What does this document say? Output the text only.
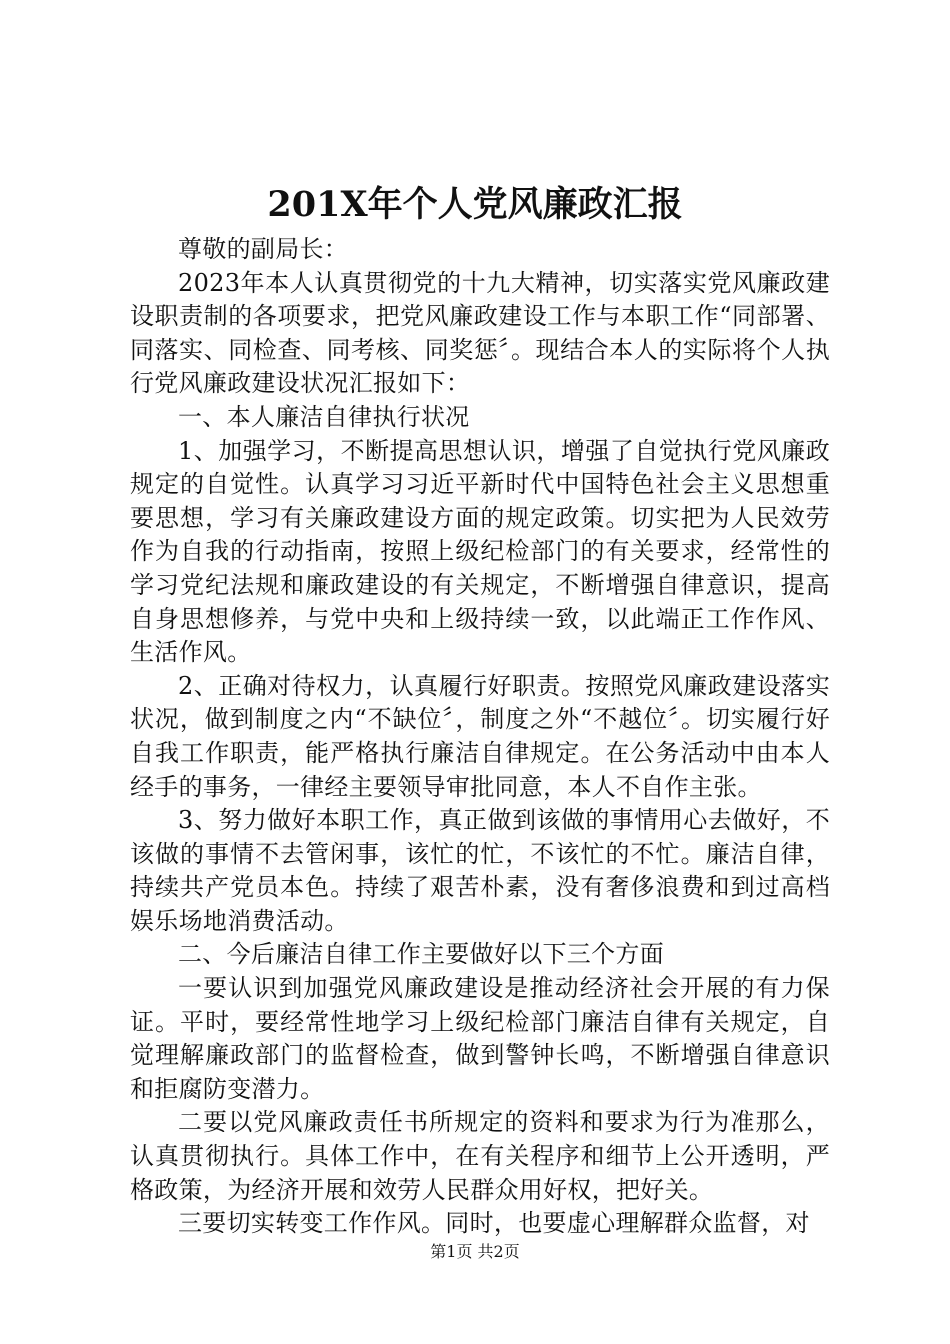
201X年个人党风廉政汇报

尊敬的副局长：

2023年本人认真贯彻党的十九大精神，切实落实党风廉政建设职责制的各项要求，把党风廉政建设工作与本职工作“同部署、同落实、同检查、同考核、同奖惩〞。现结合本人的实际将个人执行党风廉政建设状况汇报如下：

一、本人廉洁自律执行状况

1、加强学习，不断提高思想认识，增强了自觉执行党风廉政规定的自觉性。认真学习习近平新时代中国特色社会主义思想重要思想，学习有关廉政建设方面的规定政策。切实把为人民效劳作为自我的行动指南，按照上级纪检部门的有关要求，经常性的学习党纪法规和廉政建设的有关规定，不断增强自律意识，提高自身思想修养，与党中央和上级持续一致，以此端正工作作风、生活作风。

2、正确对待权力，认真履行好职责。按照党风廉政建设落实状况，做到制度之内“不缺位〞，制度之外“不越位〞。切实履行好自我工作职责，能严格执行廉洁自律规定。在公务活动中由本人经手的事务，一律经主要领导审批同意，本人不自作主张。

3、努力做好本职工作，真正做到该做的事情用心去做好，不该做的事情不去管闲事，该忙的忙，不该忙的不忙。廉洁自律，持续共产党员本色。持续了艰苦朴素，没有奢侈浪费和到过高档娱乐场地消费活动。

二、今后廉洁自律工作主要做好以下三个方面

一要认识到加强党风廉政建设是推动经济社会开展的有力保证。平时，要经常性地学习上级纪检部门廉洁自律有关规定，自觉理解廉政部门的监督检查，做到警钟长鸣，不断增强自律意识和拒腐防变潜力。

二要以党风廉政责任书所规定的资料和要求为行为准那么，认真贯彻执行。具体工作中，在有关程序和细节上公开透明，严格政策，为经济开展和效劳人民群众用好权，把好关。

三要切实转变工作作风。同时，也要虚心理解群众监督，对

第1页 共2页
